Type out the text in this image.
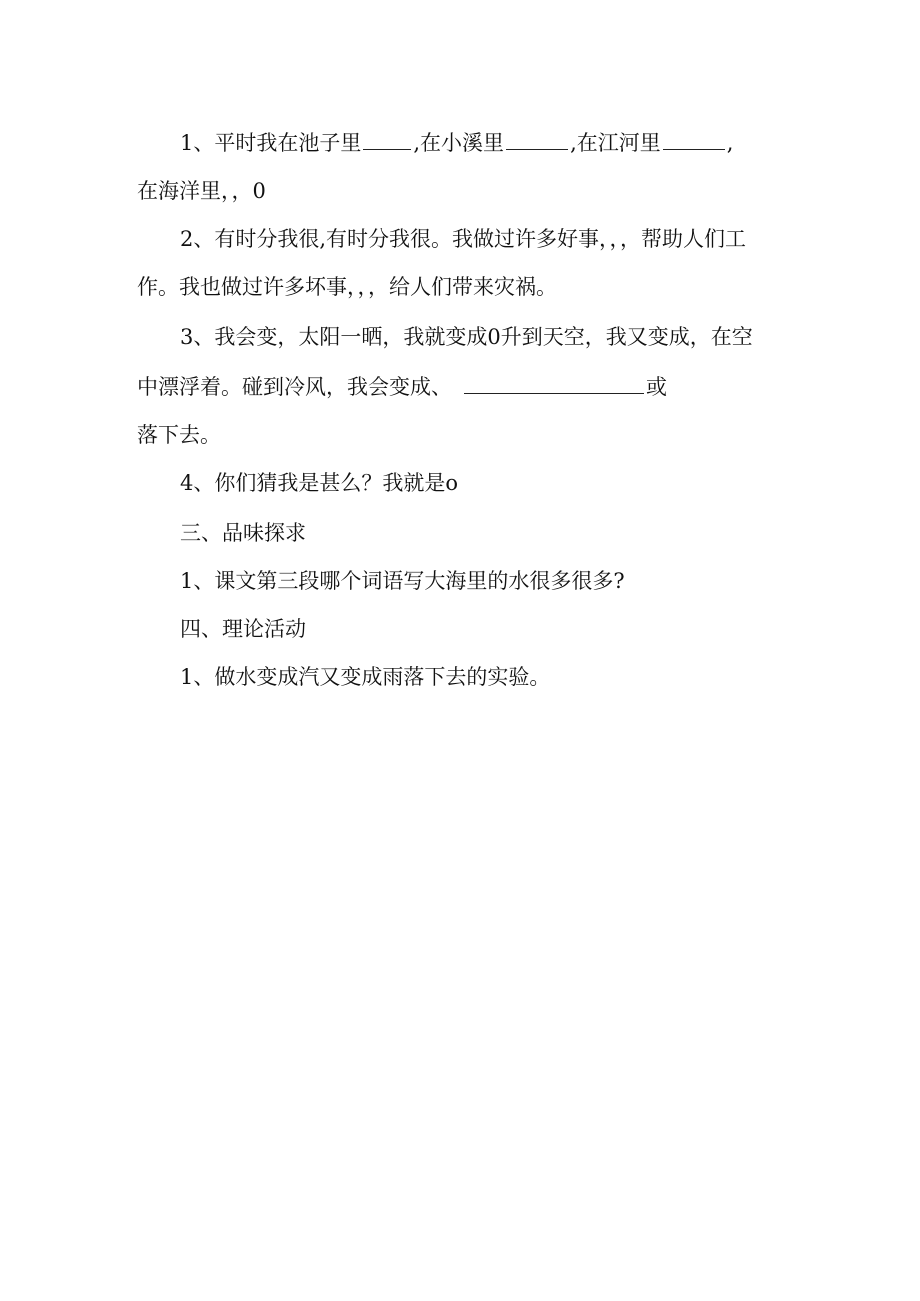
1、平时我在池子里 ,在小溪里	,在江河里	,
在海洋里，，0
2、有时分我很,有时分我很。我做过许多好事，，，帮助人们工
作。我也做过许多坏事，，，给人们带来灾祸。
3、我会变，太阳一晒，我就变成0升到天空，我又变成，在空
中漂浮着。碰到冷风，我会变成、	或
落下去。
4、你们猜我是甚么？我就是o
三、品味探求
1、课文第三段哪个词语写大海里的水很多很多?
四、理论活动
1、做水变成汽又变成雨落下去的实验。
